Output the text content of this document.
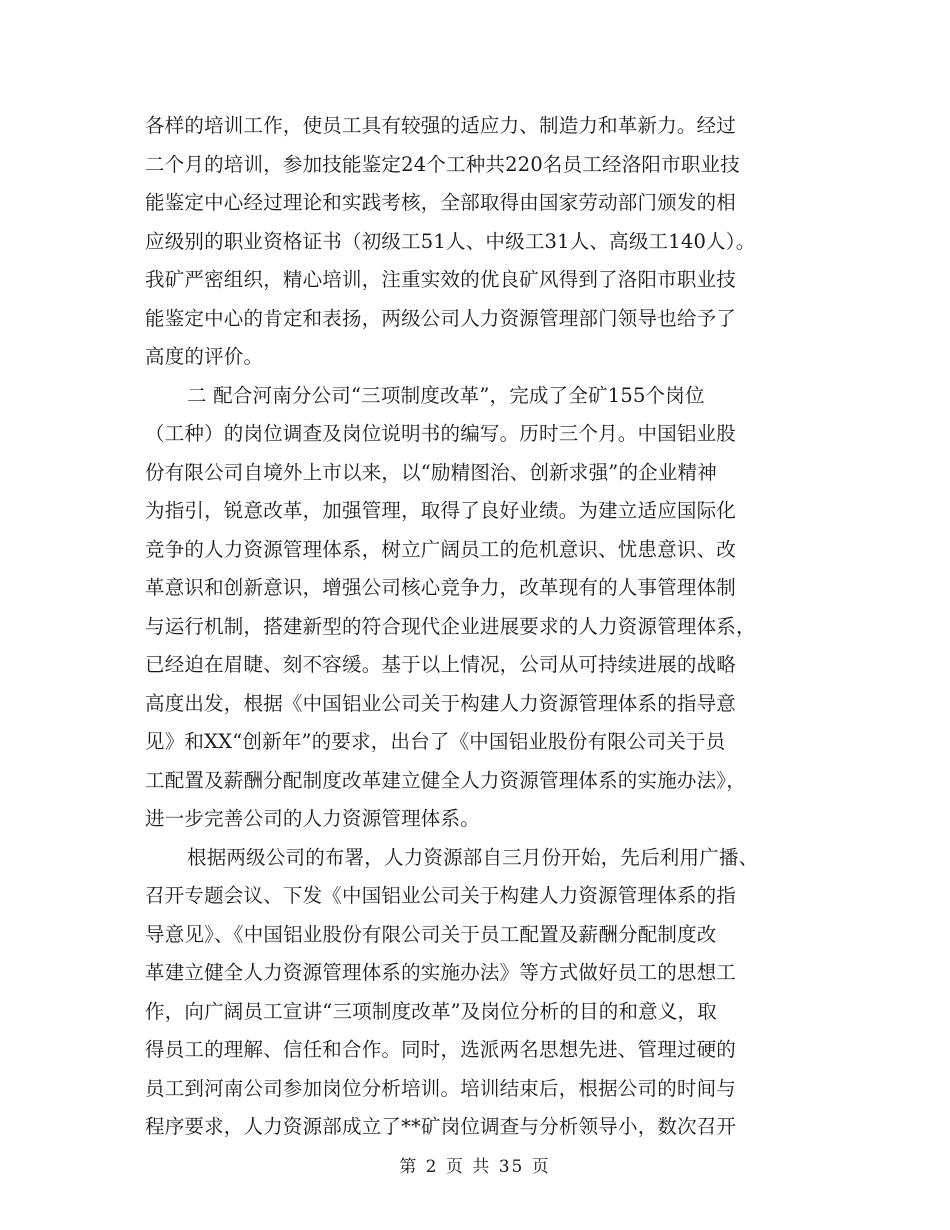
各样的培训工作，使员工具有较强的适应力、制造力和革新力。经过
二个月的培训，参加技能鉴定24个工种共220名员工经洛阳市职业技
能鉴定中心经过理论和实践考核，全部取得由国家劳动部门颁发的相
应级别的职业资格证书（初级工51人、中级工31人、高级工140人）。
我矿严密组织，精心培训，注重实效的优良矿风得到了洛阳市职业技
能鉴定中心的肯定和表扬，两级公司人力资源管理部门领导也给予了
高度的评价。
二 配合河南分公司“三项制度改革”，完成了全矿155个岗位
（工种）的岗位调查及岗位说明书的编写。历时三个月。中国铝业股
份有限公司自境外上市以来，以“励精图治、创新求强”的企业精神
为指引，锐意改革，加强管理，取得了良好业绩。为建立适应国际化
竞争的人力资源管理体系，树立广阔员工的危机意识、忧患意识、改
革意识和创新意识，增强公司核心竞争力，改革现有的人事管理体制
与运行机制，搭建新型的符合现代企业进展要求的人力资源管理体系，
已经迫在眉睫、刻不容缓。基于以上情况，公司从可持续进展的战略
高度出发，根据《中国铝业公司关于构建人力资源管理体系的指导意
见》和XX“创新年”的要求，出台了《中国铝业股份有限公司关于员
工配置及薪酬分配制度改革建立健全人力资源管理体系的实施办法》，
进一步完善公司的人力资源管理体系。
根据两级公司的布署，人力资源部自三月份开始，先后利用广播、
召开专题会议、下发《中国铝业公司关于构建人力资源管理体系的指
导意见》、《中国铝业股份有限公司关于员工配置及薪酬分配制度改
革建立健全人力资源管理体系的实施办法》等方式做好员工的思想工
作，向广阔员工宣讲“三项制度改革”及岗位分析的目的和意义，取
得员工的理解、信任和合作。同时，选派两名思想先进、管理过硬的
员工到河南公司参加岗位分析培训。培训结束后，根据公司的时间与
程序要求，人力资源部成立了**矿岗位调查与分析领导小，数次召开
第 2 页 共 35 页
